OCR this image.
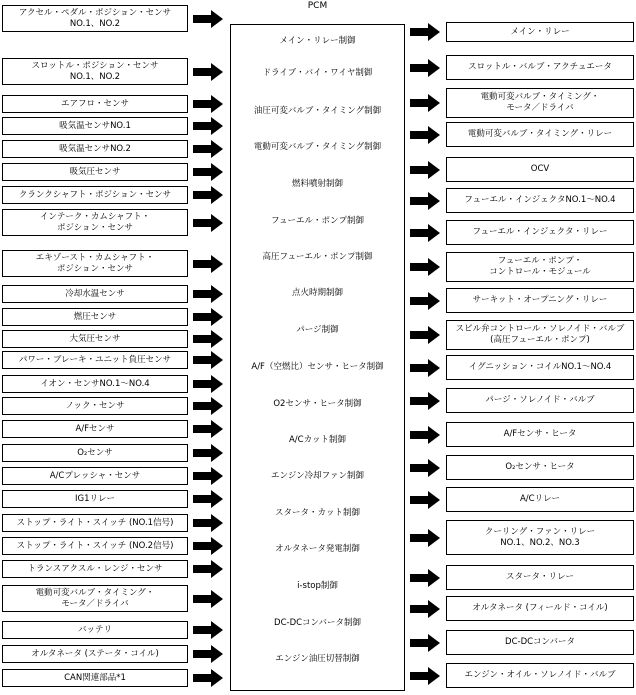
PCM
メイン・リレー制御
ドライブ・バイ・ワイヤ制御
油圧可変バルブ・タイミング制御
電動可変バルブ・タイミング制御
燃料噴射制御
フューエル・ポンプ制御
高圧フューエル・ポンプ制御
点火時期制御
パージ制御
A/F（空燃比）センサ・ヒータ制御
O2センサ・ヒータ制御
A/Cカット制御
エンジン冷却ファン制御
スタータ・カット制御
オルタネータ発電制御
i-stop制御
DC-DCコンバータ制御
エンジン油圧切替制御
アクセル・ペダル・ポジション・センサ
NO.1、NO.2
スロットル・ポジション・センサ
NO.1、NO.2
エアフロ・センサ
吸気温センサNO.1
吸気温センサNO.2
吸気圧センサ
クランクシャフト・ポジション・センサ
インテーク・カムシャフト・
ポジション・センサ
エキゾースト・カムシャフト・
ポジション・センサ
冷却水温センサ
燃圧センサ
大気圧センサ
パワー・ブレーキ・ユニット負圧センサ
イオン・センサNO.1〜NO.4
ノック・センサ
A/Fセンサ
O₂センサ
A/Cプレッシャ・センサ
IG1リレー
ストップ・ライト・スイッチ (NO.1信号)
ストップ・ライト・スイッチ (NO.2信号)
トランスアクスル・レンジ・センサ
電動可変バルブ・タイミング・
モータ／ドライバ
バッテリ
オルタネータ (ステータ・コイル)
CAN関連部品*1
メイン・リレー
スロットル・バルブ・アクチュエータ
電動可変バルブ・タイミング・
モータ／ドライバ
電動可変バルブ・タイミング・リレー
OCV
フューエル・インジェクタNO.1〜NO.4
フューエル・インジェクタ・リレー
フューエル・ポンプ・
コントロール・モジュール
サーキット・オープニング・リレー
スピル弁コントロール・ソレノイド・バルブ
(高圧フューエル・ポンプ)
イグニッション・コイルNO.1〜NO.4
パージ・ソレノイド・バルブ
A/Fセンサ・ヒータ
O₂センサ・ヒータ
A/Cリレー
クーリング・ファン・リレー
NO.1、NO.2、NO.3
スタータ・リレー
オルタネータ (フィールド・コイル)
DC-DCコンバータ
エンジン・オイル・ソレノイド・バルブ
